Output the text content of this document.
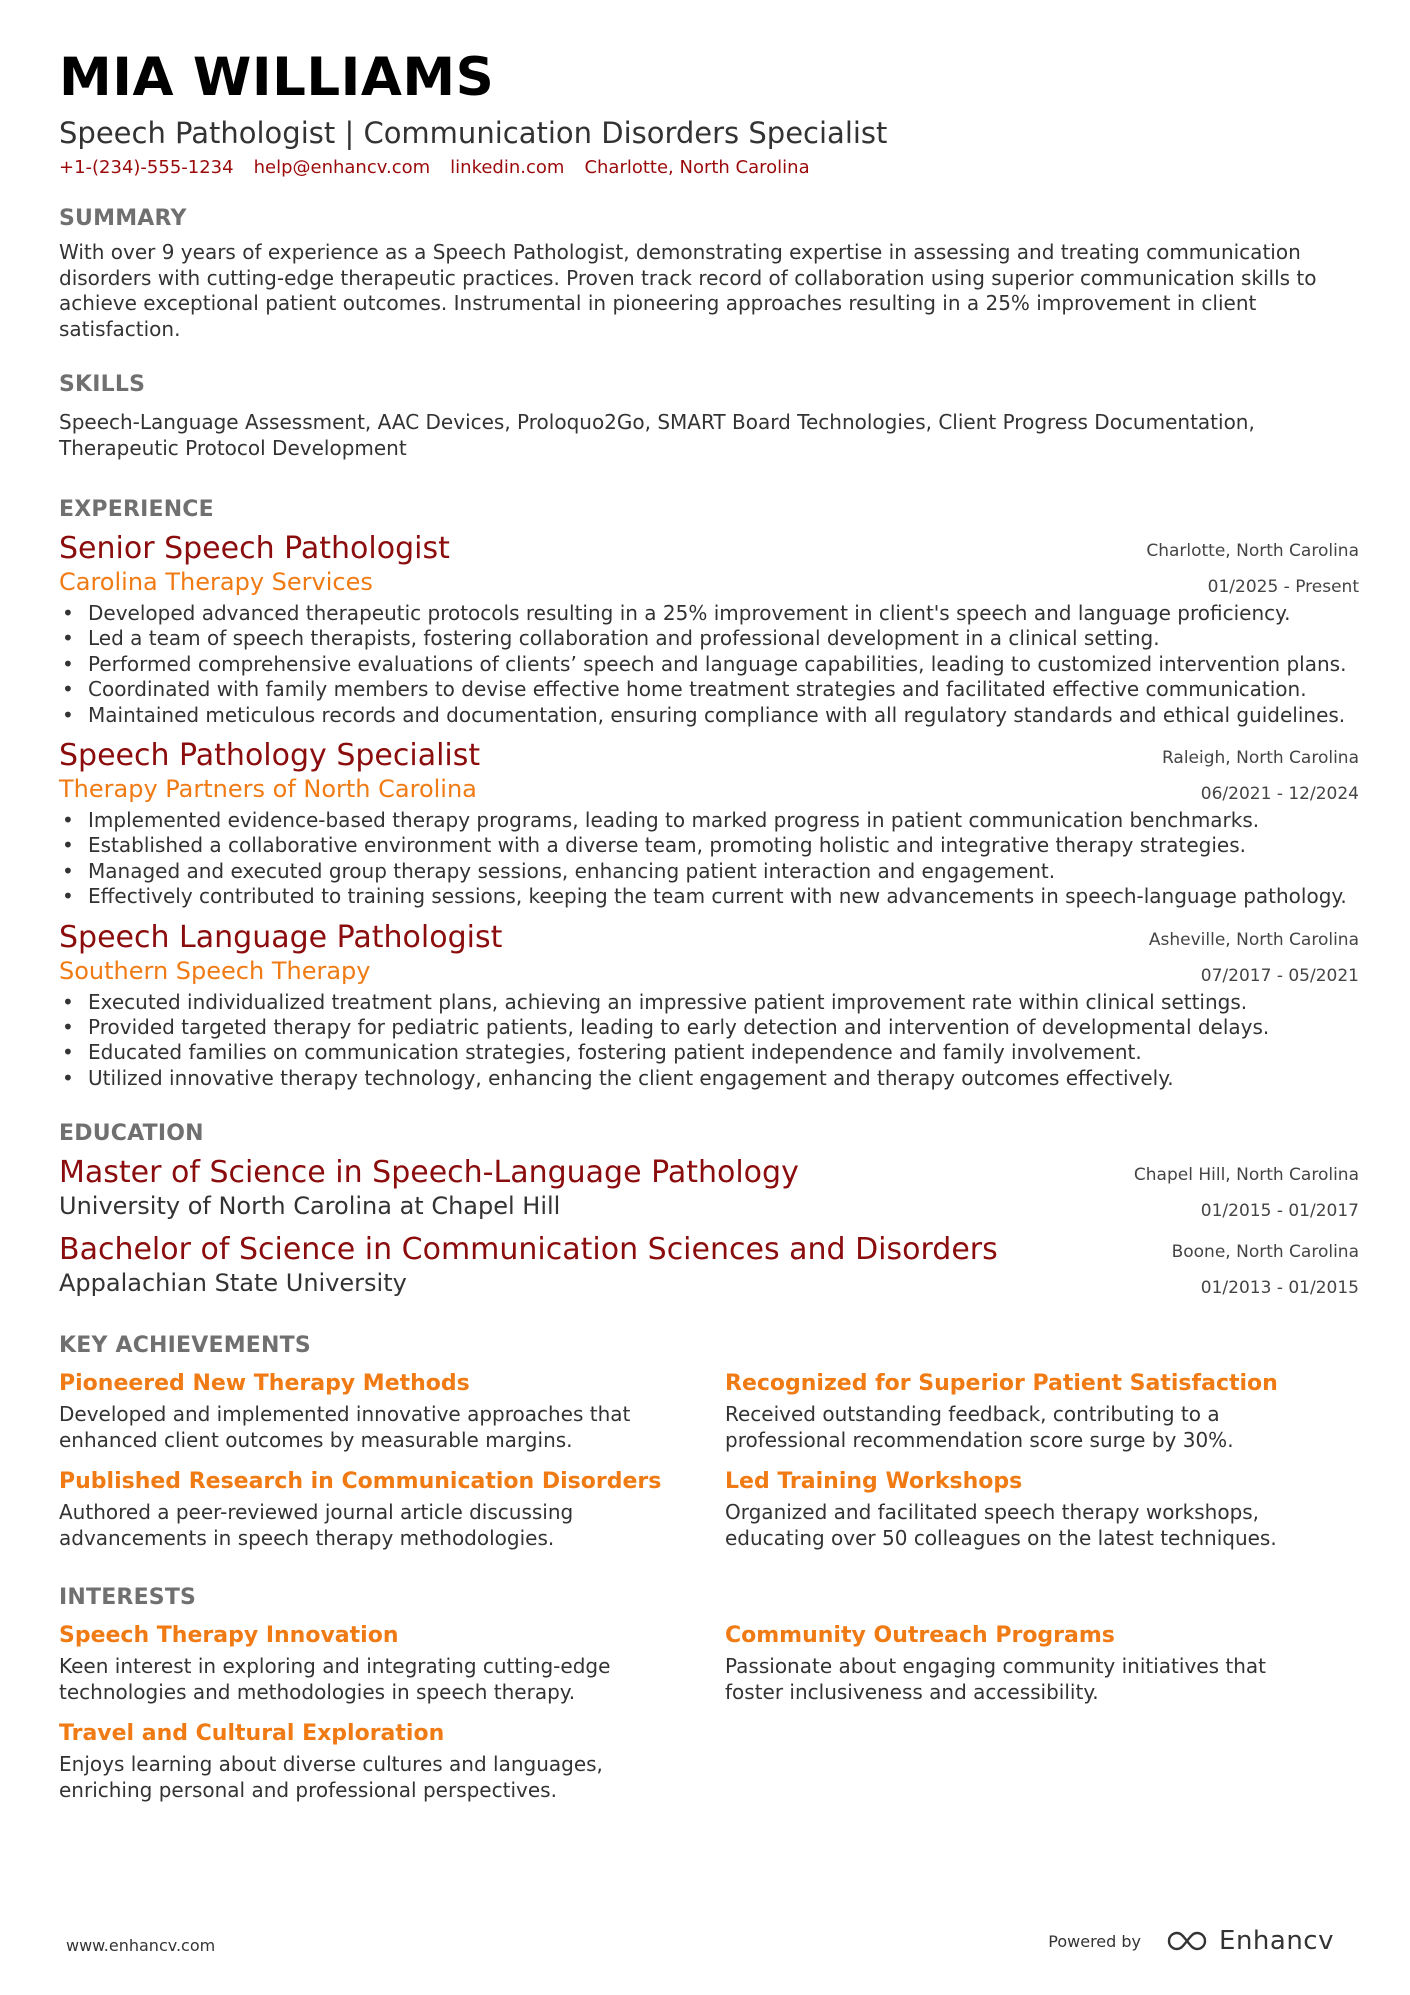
MIA WILLIAMS
Speech Pathologist | Communication Disorders Specialist
+1-(234)-555-1234 help@enhancv.com linkedin.com Charlotte, North Carolina
SUMMARY
With over 9 years of experience as a Speech Pathologist, demonstrating expertise in assessing and treating communication disorders with cutting-edge therapeutic practices. Proven track record of collaboration using superior communication skills to achieve exceptional patient outcomes. Instrumental in pioneering approaches resulting in a 25% improvement in client satisfaction.
SKILLS
Speech-Language Assessment, AAC Devices, Proloquo2Go, SMART Board Technologies, Client Progress Documentation, Therapeutic Protocol Development
EXPERIENCE
Senior Speech Pathologist
Carolina Therapy Services
Charlotte, North Carolina
01/2025 - Present
• Developed advanced therapeutic protocols resulting in a 25% improvement in client's speech and language proficiency.
• Led a team of speech therapists, fostering collaboration and professional development in a clinical setting.
• Performed comprehensive evaluations of clients’ speech and language capabilities, leading to customized intervention plans.
• Coordinated with family members to devise effective home treatment strategies and facilitated effective communication.
• Maintained meticulous records and documentation, ensuring compliance with all regulatory standards and ethical guidelines.
Speech Pathology Specialist
Therapy Partners of North Carolina
Raleigh, North Carolina
06/2021 - 12/2024
• Implemented evidence-based therapy programs, leading to marked progress in patient communication benchmarks.
• Established a collaborative environment with a diverse team, promoting holistic and integrative therapy strategies.
• Managed and executed group therapy sessions, enhancing patient interaction and engagement.
• Effectively contributed to training sessions, keeping the team current with new advancements in speech-language pathology.
Speech Language Pathologist
Southern Speech Therapy
Asheville, North Carolina
07/2017 - 05/2021
• Executed individualized treatment plans, achieving an impressive patient improvement rate within clinical settings.
• Provided targeted therapy for pediatric patients, leading to early detection and intervention of developmental delays.
• Educated families on communication strategies, fostering patient independence and family involvement.
• Utilized innovative therapy technology, enhancing the client engagement and therapy outcomes effectively.
EDUCATION
Master of Science in Speech-Language Pathology
University of North Carolina at Chapel Hill
Chapel Hill, North Carolina
01/2015 - 01/2017
Bachelor of Science in Communication Sciences and Disorders
Appalachian State University
Boone, North Carolina
01/2013 - 01/2015
KEY ACHIEVEMENTS
Pioneered New Therapy Methods
Developed and implemented innovative approaches that enhanced client outcomes by measurable margins.
Recognized for Superior Patient Satisfaction
Received outstanding feedback, contributing to a professional recommendation score surge by 30%.
Published Research in Communication Disorders
Authored a peer-reviewed journal article discussing advancements in speech therapy methodologies.
Led Training Workshops
Organized and facilitated speech therapy workshops, educating over 50 colleagues on the latest techniques.
INTERESTS
Speech Therapy Innovation
Keen interest in exploring and integrating cutting-edge technologies and methodologies in speech therapy.
Community Outreach Programs
Passionate about engaging community initiatives that foster inclusiveness and accessibility.
Travel and Cultural Exploration
Enjoys learning about diverse cultures and languages, enriching personal and professional perspectives.
www.enhancv.com	Powered by	Enhancv
